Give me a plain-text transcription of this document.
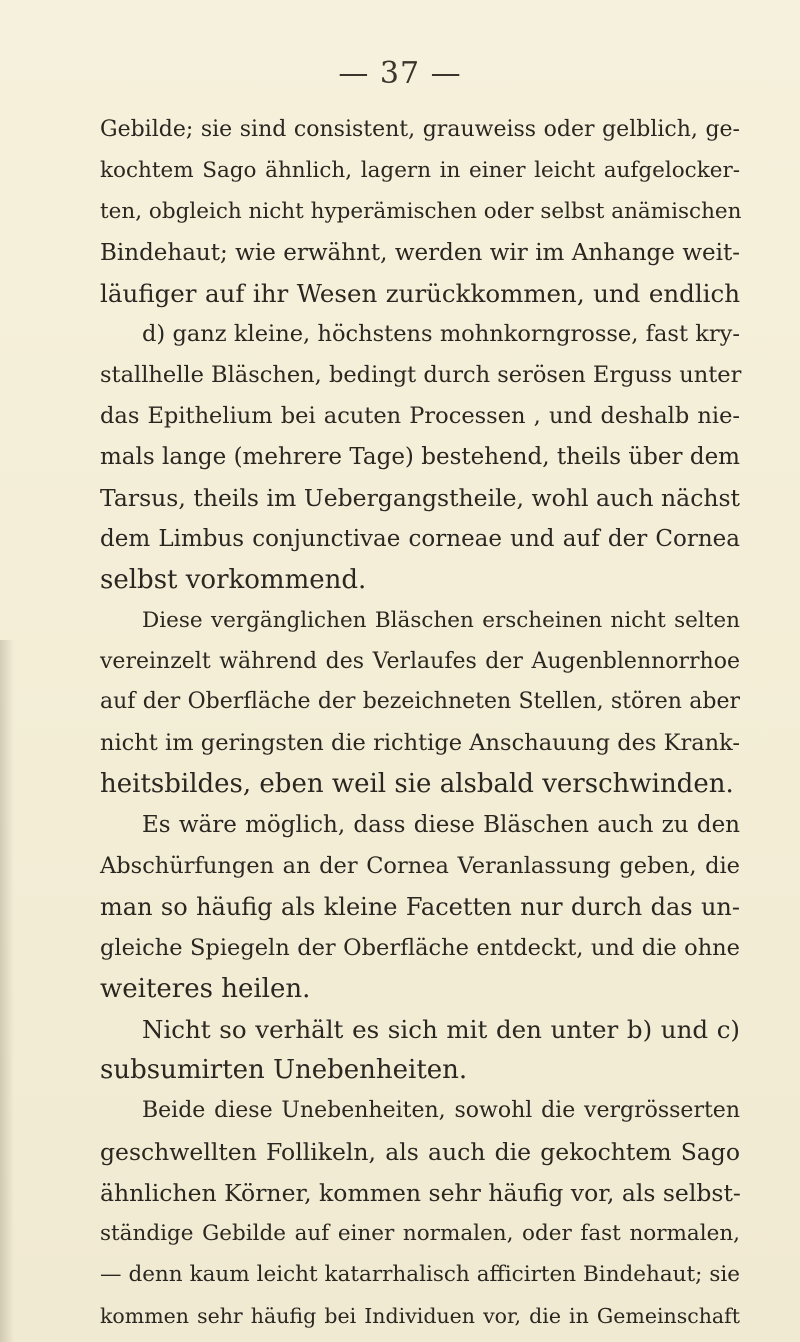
— 37 —
Gebilde; sie sind consistent, grauweiss oder gelblich, ge-
kochtem Sago ähnlich, lagern in einer leicht aufgelocker-
ten, obgleich nicht hyperämischen oder selbst anämischen
Bindehaut; wie erwähnt, werden wir im Anhange weit-
läufiger auf ihr Wesen zurückkommen, und endlich
d) ganz kleine, höchstens mohnkorngrosse, fast kry-
stallhelle Bläschen, bedingt durch serösen Erguss unter
das Epithelium bei acuten Processen , und deshalb nie-
mals lange (mehrere Tage) bestehend, theils über dem
Tarsus, theils im Uebergangstheile, wohl auch nächst
dem Limbus conjunctivae corneae und auf der Cornea
selbst vorkommend.
Diese vergänglichen Bläschen erscheinen nicht selten
vereinzelt während des Verlaufes der Augenblennorrhoe
auf der Oberfläche der bezeichneten Stellen, stören aber
nicht im geringsten die richtige Anschauung des Krank-
heitsbildes, eben weil sie alsbald verschwinden.
Es wäre möglich, dass diese Bläschen auch zu den
Abschürfungen an der Cornea Veranlassung geben, die
man so häufig als kleine Facetten nur durch das un-
gleiche Spiegeln der Oberfläche entdeckt, und die ohne
weiteres heilen.
Nicht so verhält es sich mit den unter b) und c)
subsumirten Unebenheiten.
Beide diese Unebenheiten, sowohl die vergrösserten
geschwellten Follikeln, als auch die gekochtem Sago
ähnlichen Körner, kommen sehr häufig vor, als selbst-
ständige Gebilde auf einer normalen, oder fast normalen,
— denn kaum leicht katarrhalisch afficirten Bindehaut; sie
kommen sehr häufig bei Individuen vor, die in Gemeinschaft
